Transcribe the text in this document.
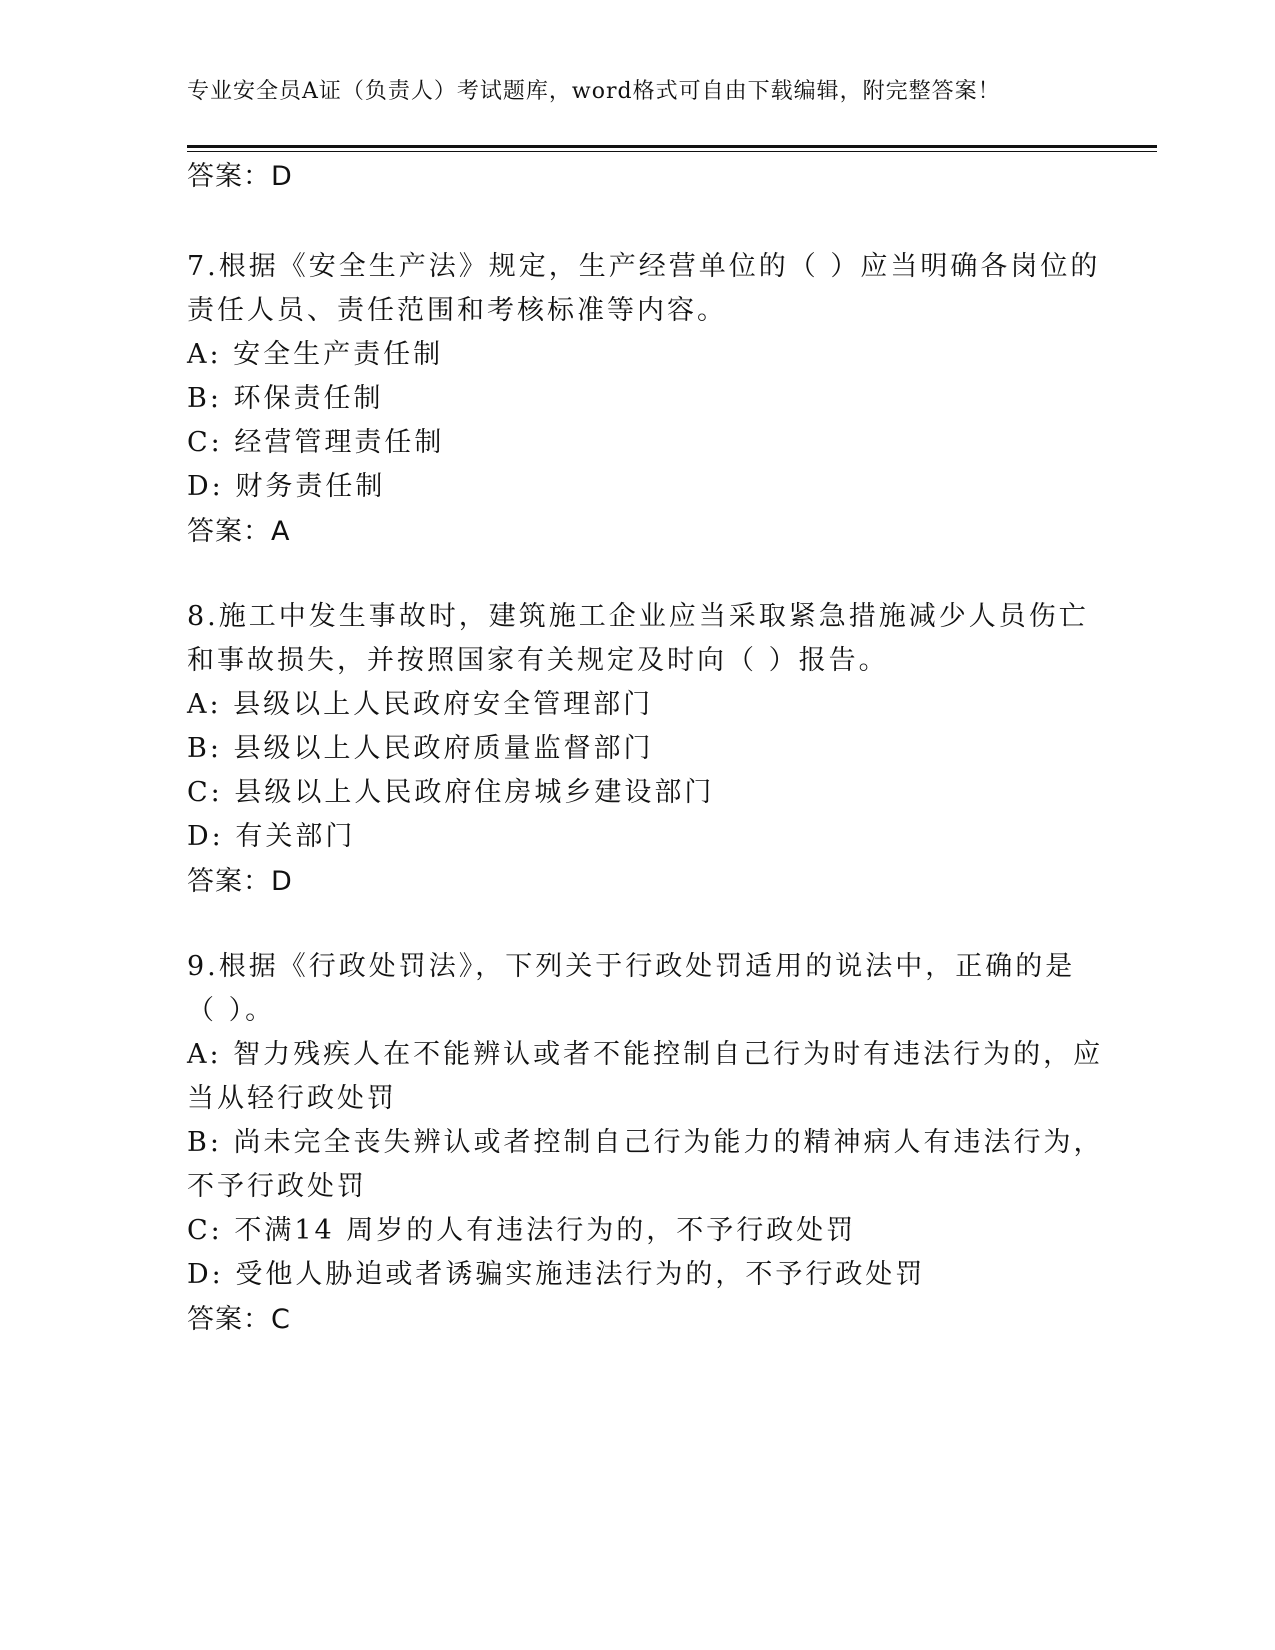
专业安全员A证（负责人）考试题库，word格式可自由下载编辑，附完整答案！
答案：D
7.根据《安全生产法》规定，生产经营单位的（ ）应当明确各岗位的
责任人员、责任范围和考核标准等内容。
A: 安全生产责任制
B: 环保责任制
C: 经营管理责任制
D: 财务责任制
答案：A
8.施工中发生事故时，建筑施工企业应当采取紧急措施减少人员伤亡
和事故损失，并按照国家有关规定及时向（ ）报告。
A: 县级以上人民政府安全管理部门
B: 县级以上人民政府质量监督部门
C: 县级以上人民政府住房城乡建设部门
D: 有关部门
答案：D
9.根据《行政处罚法》，下列关于行政处罚适用的说法中，正确的是
（ ）。
A: 智力残疾人在不能辨认或者不能控制自己行为时有违法行为的，应
当从轻行政处罚
B: 尚未完全丧失辨认或者控制自己行为能力的精神病人有违法行为，
不予行政处罚
C: 不满14 周岁的人有违法行为的，不予行政处罚
D: 受他人胁迫或者诱骗实施违法行为的，不予行政处罚
答案：C
